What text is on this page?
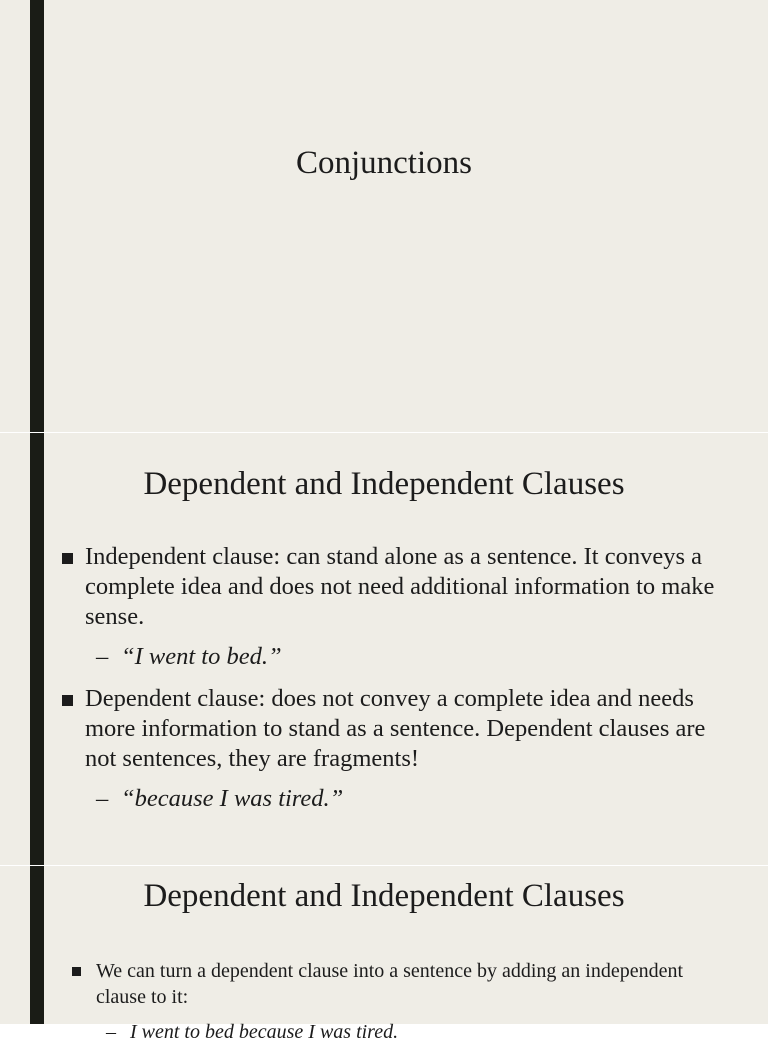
Conjunctions
Dependent and Independent Clauses
Independent clause: can stand alone as a sentence. It conveys a complete idea and does not need additional information to make sense.
– “I went to bed.”
Dependent clause: does not convey a complete idea and needs more information to stand as a sentence. Dependent clauses are not sentences, they are fragments!
– “because I was tired.”
Dependent and Independent Clauses
We can turn a dependent clause into a sentence by adding an independent clause to it:
– I went to bed because I was tired.
